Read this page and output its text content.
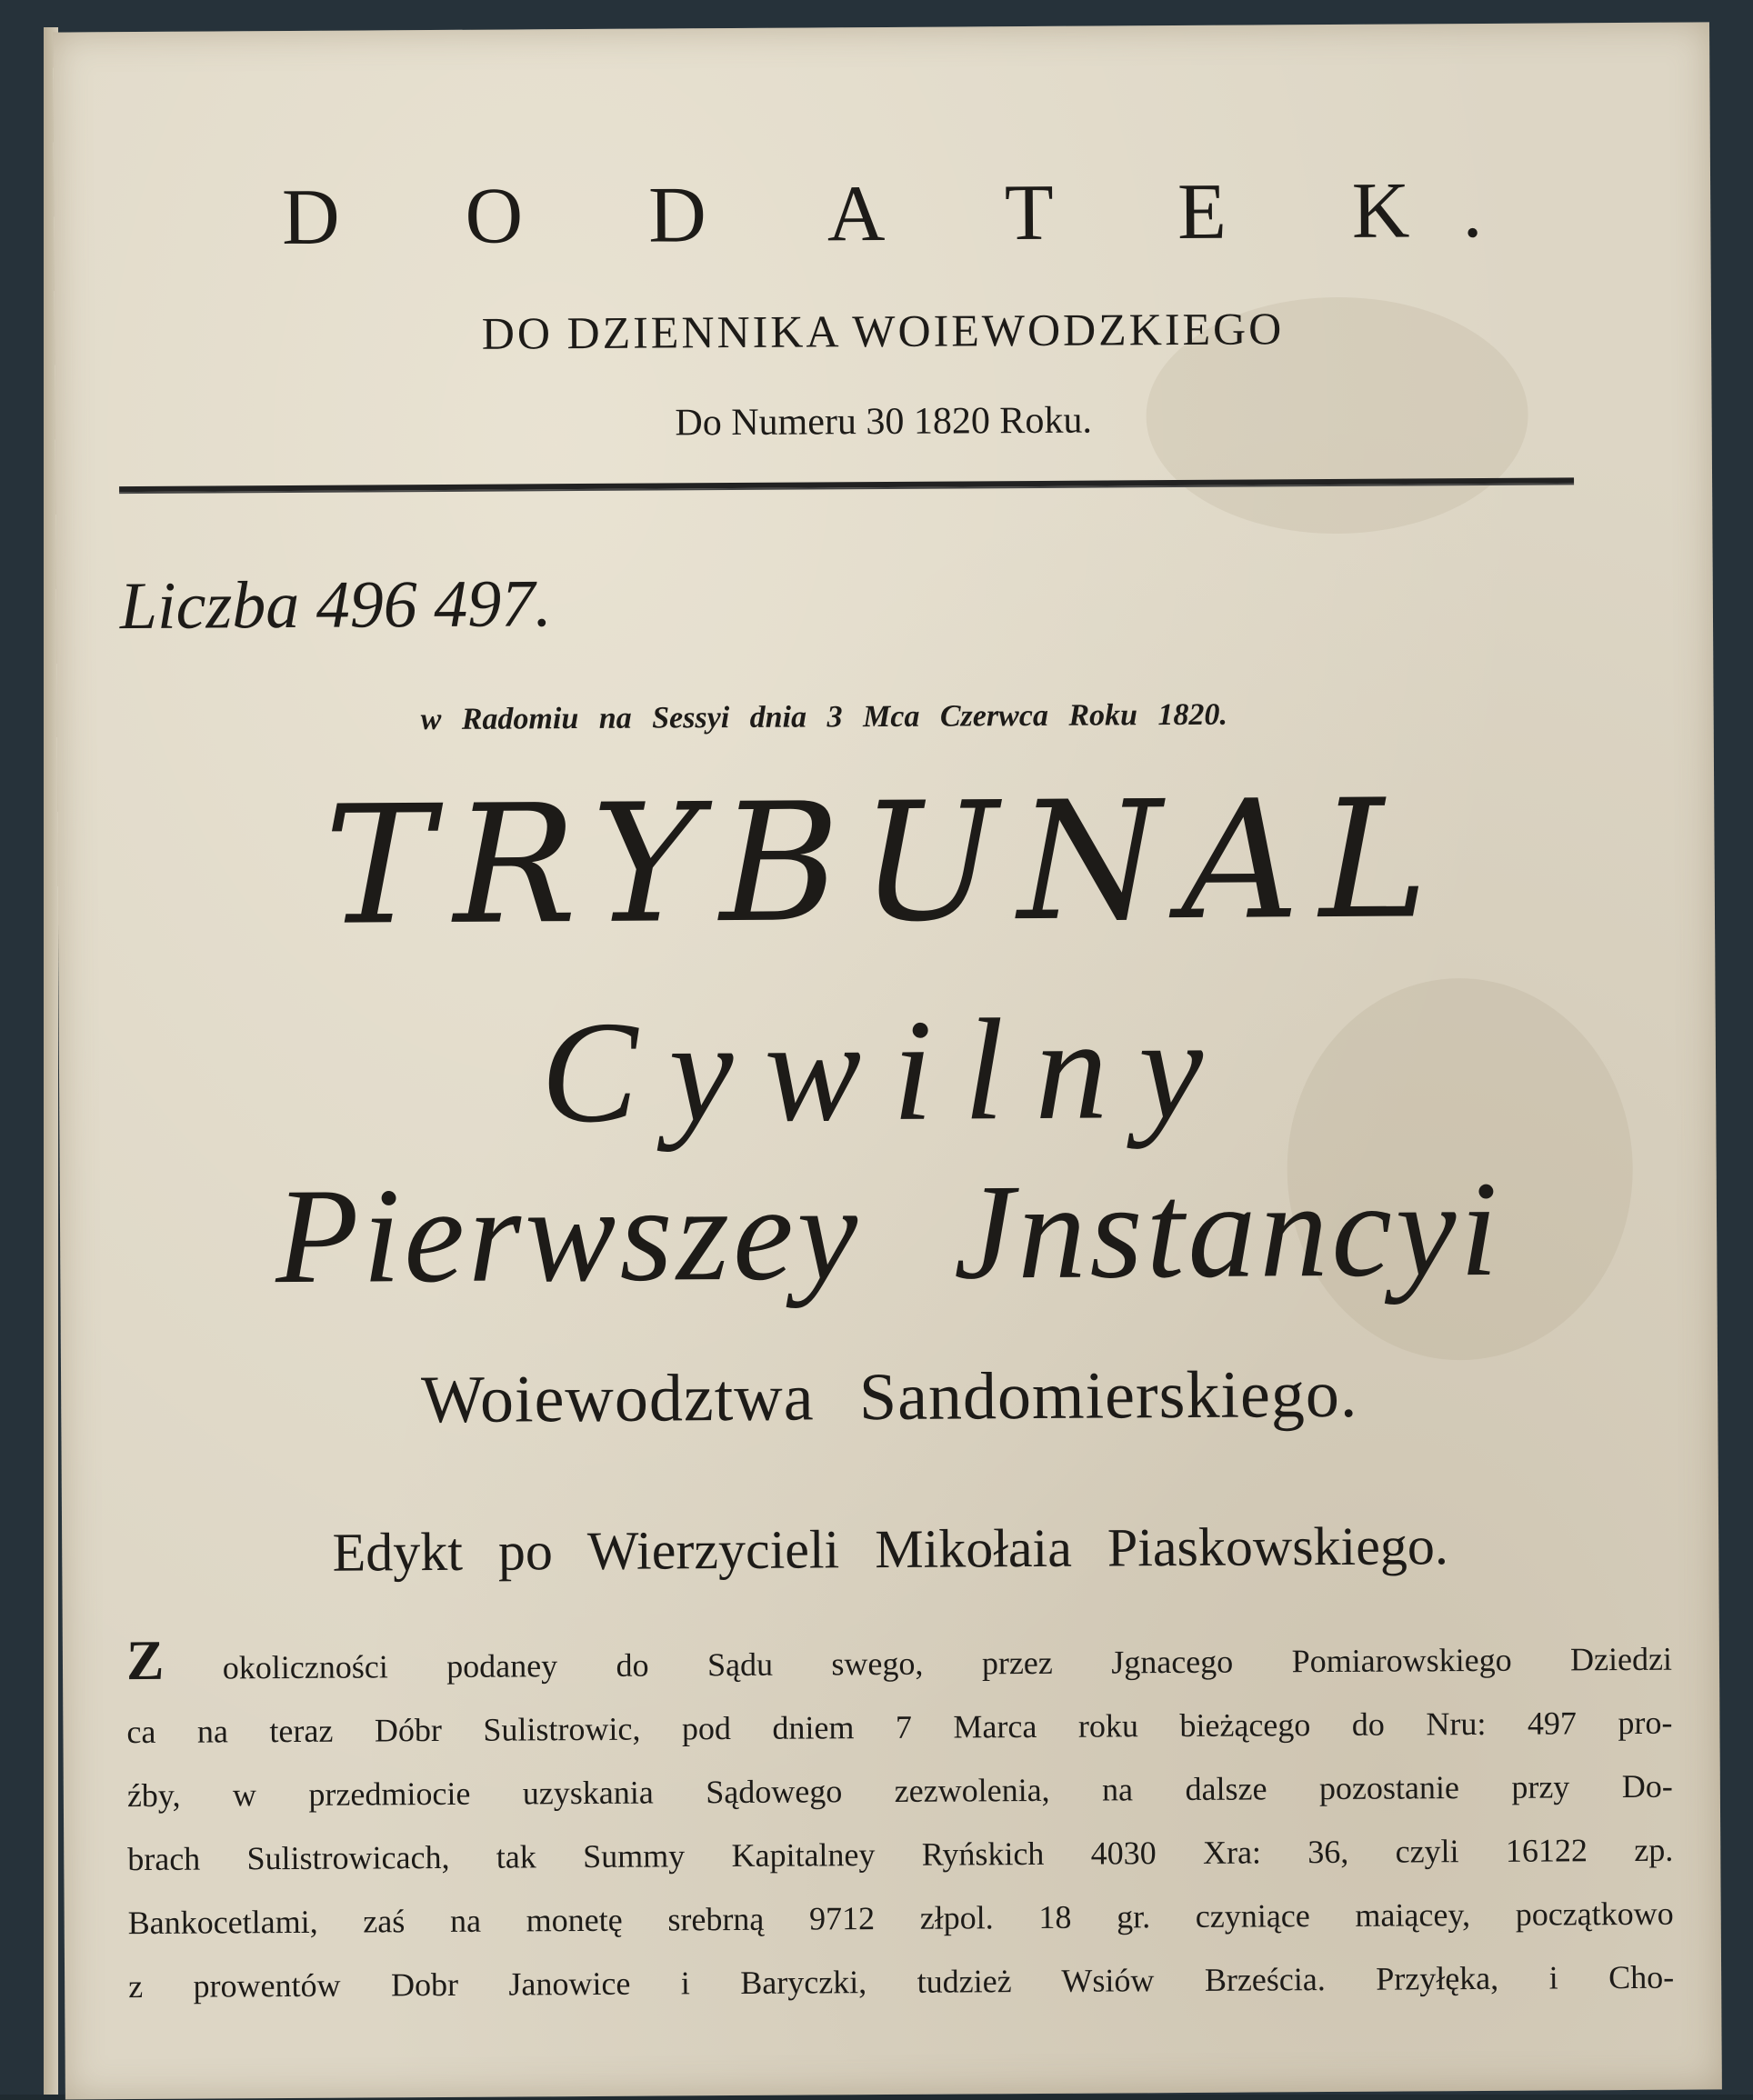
D O D A T E K.
DO DZIENNIKA WOIEWODZKIEGO
Do Numeru 30 1820 Roku.
Liczba 496 497.
w Radomiu na Sessyi dnia 3 Mca Czerwca Roku 1820.
TRYBUNAL
Cywilny
Pierwszey Jnstancyi
Woiewodztwa Sandomierskiego.
Edykt po Wierzycieli Mikołaia Piaskowskiego.
Z okoliczności podaney do Sądu swego, przez Jgnacego Pomiarowskiego Dziedzi
ca na teraz Dóbr Sulistrowic, pod dniem 7 Marca roku bieżącego do Nru: 497 pro-
źby, w przedmiocie uzyskania Sądowego zezwolenia, na dalsze pozostanie przy Do-
brach Sulistrowicach, tak Summy Kapitalney Ryńskich 4030 Xra: 36, czyli 16122 zp.
Bankocetlami, zaś na monetę srebrną 9712 złpol. 18 gr. czyniące maiącey, początkowo
z prowentów Dobr Janowice i Baryczki, tudzież Wsiów Brześcia. Przyłęka, i Cho-
